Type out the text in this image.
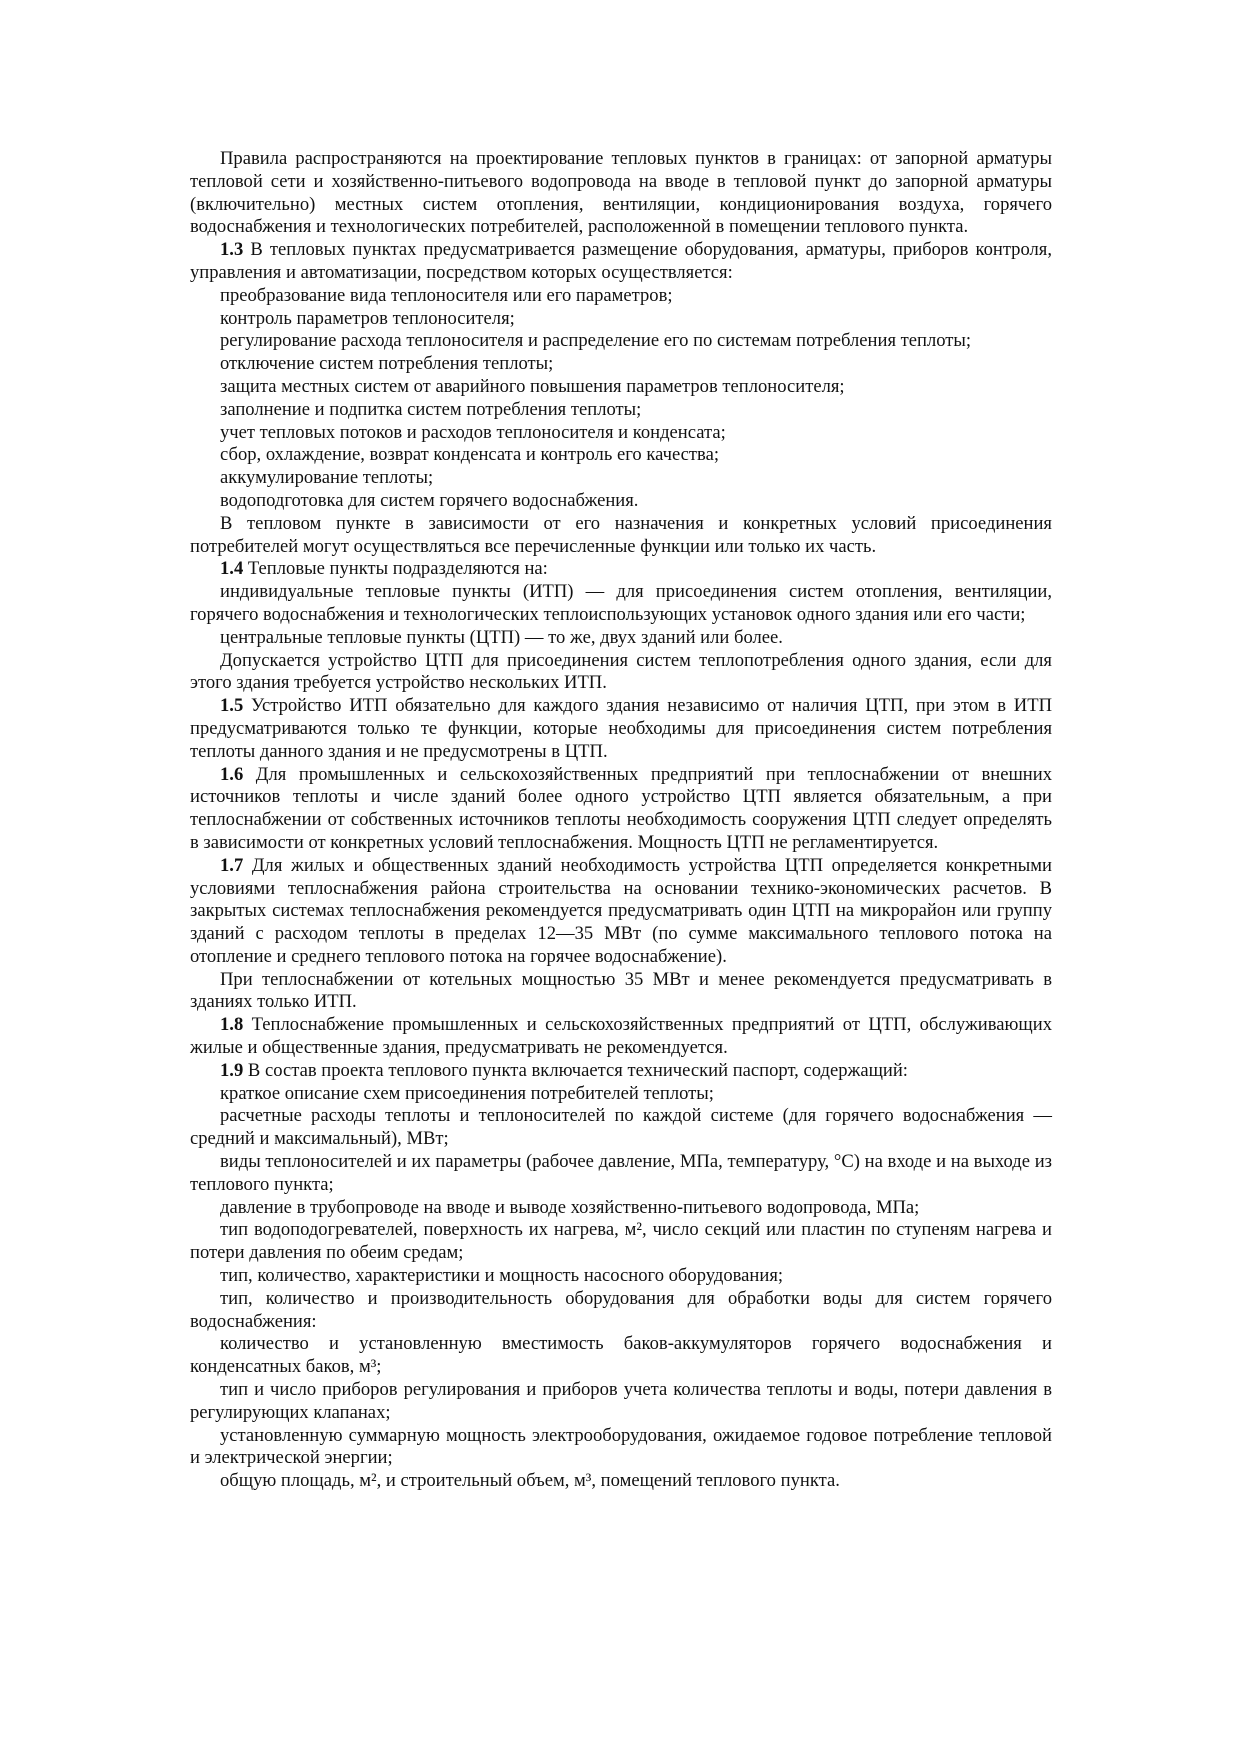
Правила распространяются на проектирование тепловых пунктов в границах: от запорной арматуры тепловой сети и хозяйственно-питьевого водопровода на вводе в тепловой пункт до запорной арматуры (включительно) местных систем отопления, вентиляции, кондиционирования воздуха, горячего водоснабжения и технологических потребителей, расположенной в помещении теплового пункта.

1.3 В тепловых пунктах предусматривается размещение оборудования, арматуры, приборов контроля, управления и автоматизации, посредством которых осуществляется:

преобразование вида теплоносителя или его параметров;

контроль параметров теплоносителя;

регулирование расхода теплоносителя и распределение его по системам потребления теплоты;

отключение систем потребления теплоты;

защита местных систем от аварийного повышения параметров теплоносителя;

заполнение и подпитка систем потребления теплоты;

учет тепловых потоков и расходов теплоносителя и конденсата;

сбор, охлаждение, возврат конденсата и контроль его качества;

аккумулирование теплоты;

водоподготовка для систем горячего водоснабжения.

В тепловом пункте в зависимости от его назначения и конкретных условий присоединения потребителей могут осуществляться все перечисленные функции или только их часть.

1.4 Тепловые пункты подразделяются на:

индивидуальные тепловые пункты (ИТП) — для присоединения систем отопления, вентиляции, горячего водоснабжения и технологических теплоиспользующих установок одного здания или его части;

центральные тепловые пункты (ЦТП) — то же, двух зданий или более.

Допускается устройство ЦТП для присоединения систем теплопотребления одного здания, если для этого здания требуется устройство нескольких ИТП.

1.5 Устройство ИТП обязательно для каждого здания независимо от наличия ЦТП, при этом в ИТП предусматриваются только те функции, которые необходимы для присоединения систем потребления теплоты данного здания и не предусмотрены в ЦТП.

1.6 Для промышленных и сельскохозяйственных предприятий при теплоснабжении от внешних источников теплоты и числе зданий более одного устройство ЦТП является обязательным, а при теплоснабжении от собственных источников теплоты необходимость сооружения ЦТП следует определять в зависимости от конкретных условий теплоснабжения. Мощность ЦТП не регламентируется.

1.7 Для жилых и общественных зданий необходимость устройства ЦТП определяется конкретными условиями теплоснабжения района строительства на основании технико-экономических расчетов. В закрытых системах теплоснабжения рекомендуется предусматривать один ЦТП на микрорайон или группу зданий с расходом теплоты в пределах 12—35 МВт (по сумме максимального теплового потока на отопление и среднего теплового потока на горячее водоснабжение).

При теплоснабжении от котельных мощностью 35 МВт и менее рекомендуется предусматривать в зданиях только ИТП.

1.8 Теплоснабжение промышленных и сельскохозяйственных предприятий от ЦТП, обслуживающих жилые и общественные здания, предусматривать не рекомендуется.

1.9 В состав проекта теплового пункта включается технический паспорт, содержащий:

краткое описание схем присоединения потребителей теплоты;

расчетные расходы теплоты и теплоносителей по каждой системе (для горячего водоснабжения — средний и максимальный), МВт;

виды теплоносителей и их параметры (рабочее давление, МПа, температуру, °С) на входе и на выходе из теплового пункта;

давление в трубопроводе на вводе и выводе хозяйственно-питьевого водопровода, МПа;

тип водоподогревателей, поверхность их нагрева, м², число секций или пластин по ступеням нагрева и потери давления по обеим средам;

тип, количество, характеристики и мощность насосного оборудования;

тип, количество и производительность оборудования для обработки воды для систем горячего водоснабжения:

количество и установленную вместимость баков-аккумуляторов горячего водоснабжения и конденсатных баков, м³;

тип и число приборов регулирования и приборов учета количества теплоты и воды, потери давления в регулирующих клапанах;

установленную суммарную мощность электрооборудования, ожидаемое годовое потребление тепловой и электрической энергии;

общую площадь, м², и строительный объем, м³, помещений теплового пункта.
